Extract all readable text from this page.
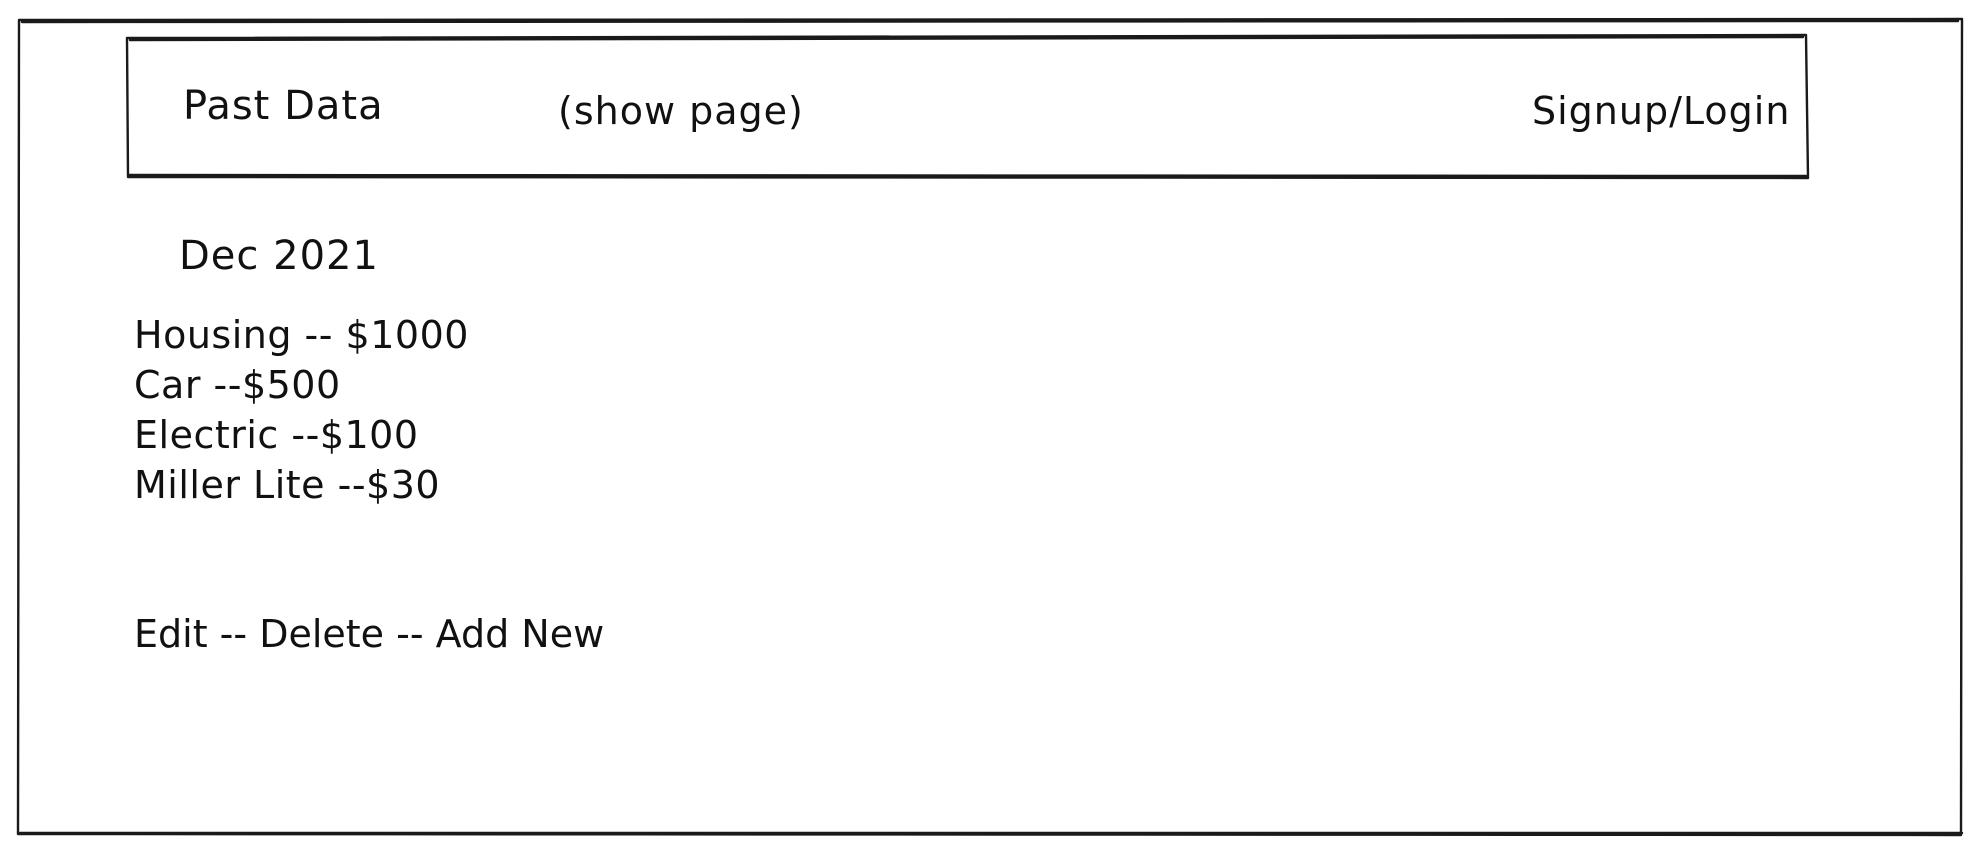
Past Data	(show page)	Signup/Login
Dec 2021
Housing -- $1000
Car --$500
Electric --$100
Miller Lite --$30
Edit -- Delete -- Add New
